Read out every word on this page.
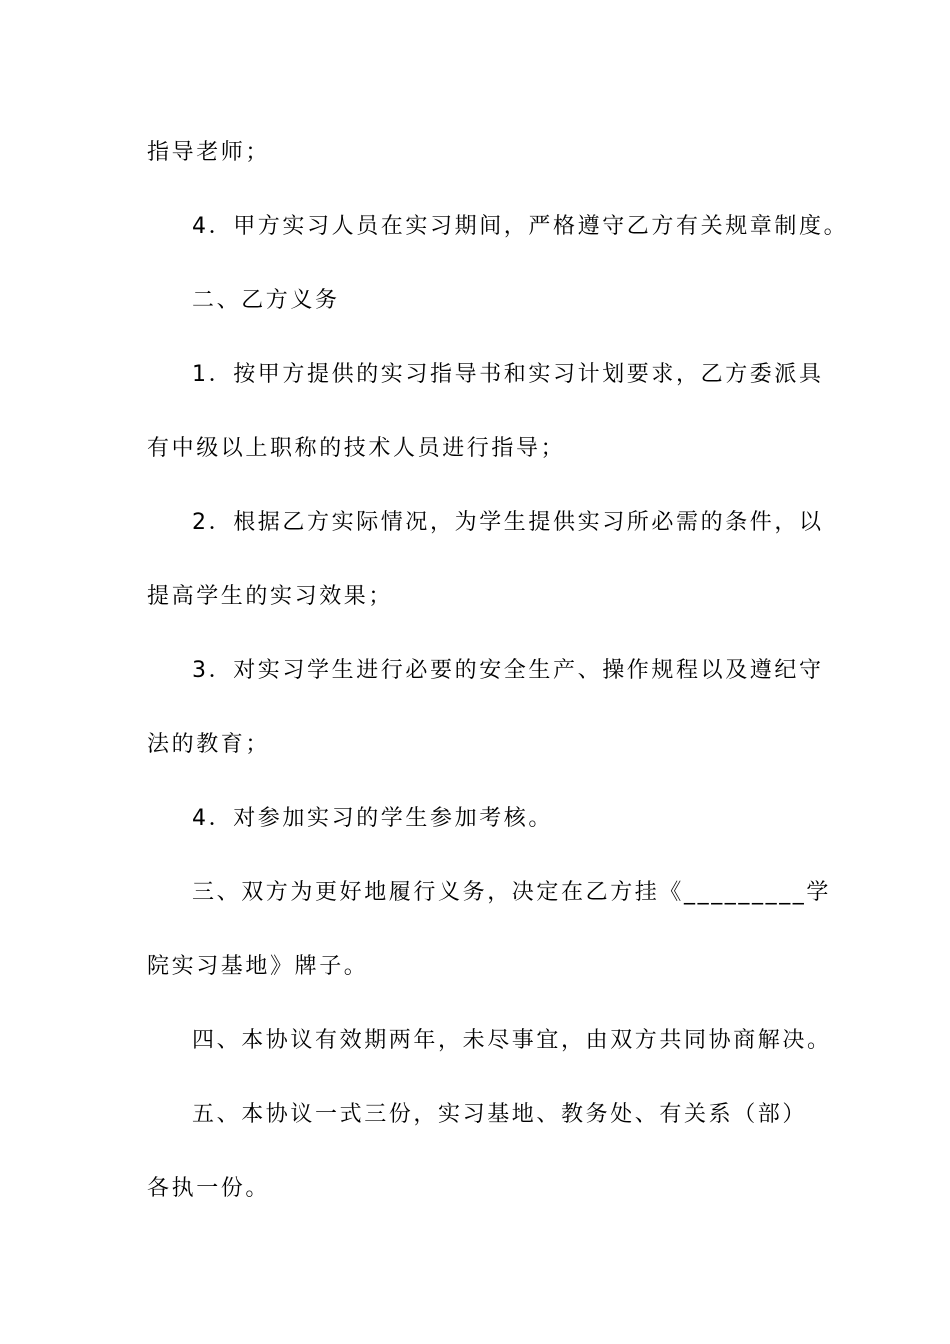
指导老师；
4．甲方实习人员在实习期间，严格遵守乙方有关规章制度。
二、乙方义务
1．按甲方提供的实习指导书和实习计划要求，乙方委派具
有中级以上职称的技术人员进行指导；
2．根据乙方实际情况，为学生提供实习所必需的条件，以
提高学生的实习效果；
3．对实习学生进行必要的安全生产、操作规程以及遵纪守
法的教育；
4．对参加实习的学生参加考核。
三、双方为更好地履行义务，决定在乙方挂《_________学
院实习基地》牌子。
四、本协议有效期两年，未尽事宜，由双方共同协商解决。
五、本协议一式三份，实习基地、教务处、有关系（部）
各执一份。
